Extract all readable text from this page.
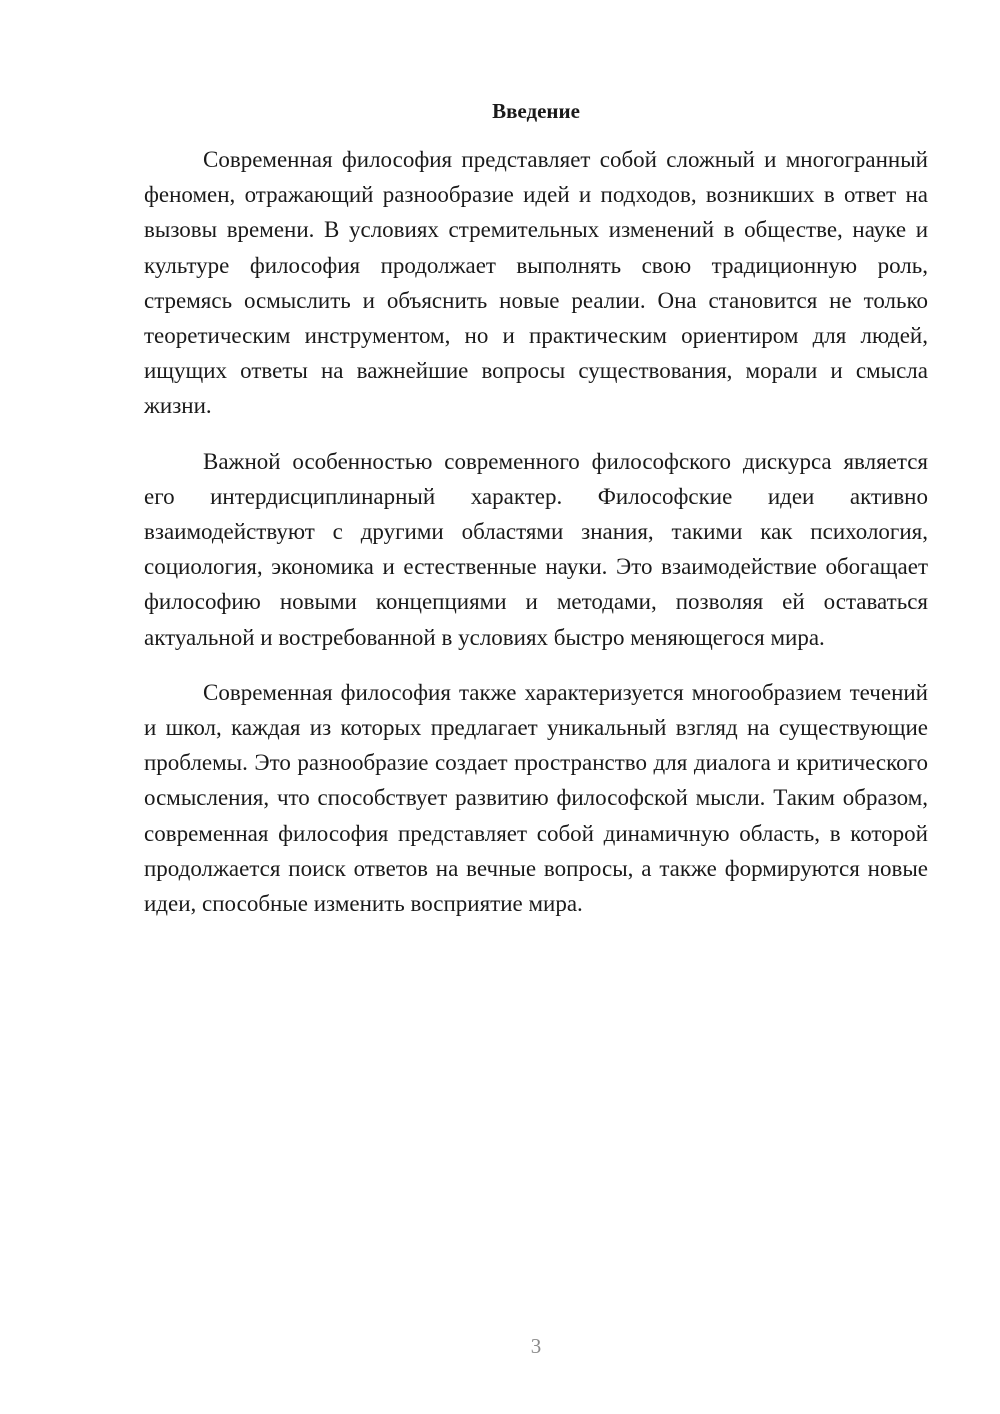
Введение

Современная философия представляет собой сложный и многогранный феномен, отражающий разнообразие идей и подходов, возникших в ответ на вызовы времени. В условиях стремительных изменений в обществе, науке и культуре философия продолжает выполнять свою традиционную роль, стремясь осмыслить и объяснить новые реалии. Она становится не только теоретическим инструментом, но и практическим ориентиром для людей, ищущих ответы на важнейшие вопросы существования, морали и смысла жизни.

Важной особенностью современного философского дискурса является его интердисциплинарный характер. Философские идеи активно взаимодействуют с другими областями знания, такими как психология, социология, экономика и естественные науки. Это взаимодействие обогащает философию новыми концепциями и методами, позволяя ей оставаться актуальной и востребованной в условиях быстро меняющегося мира.

Современная философия также характеризуется многообразием течений и школ, каждая из которых предлагает уникальный взгляд на существующие проблемы. Это разнообразие создает пространство для диалога и критического осмысления, что способствует развитию философской мысли. Таким образом, современная философия представляет собой динамичную область, в которой продолжается поиск ответов на вечные вопросы, а также формируются новые идеи, способные изменить восприятие мира.

3
